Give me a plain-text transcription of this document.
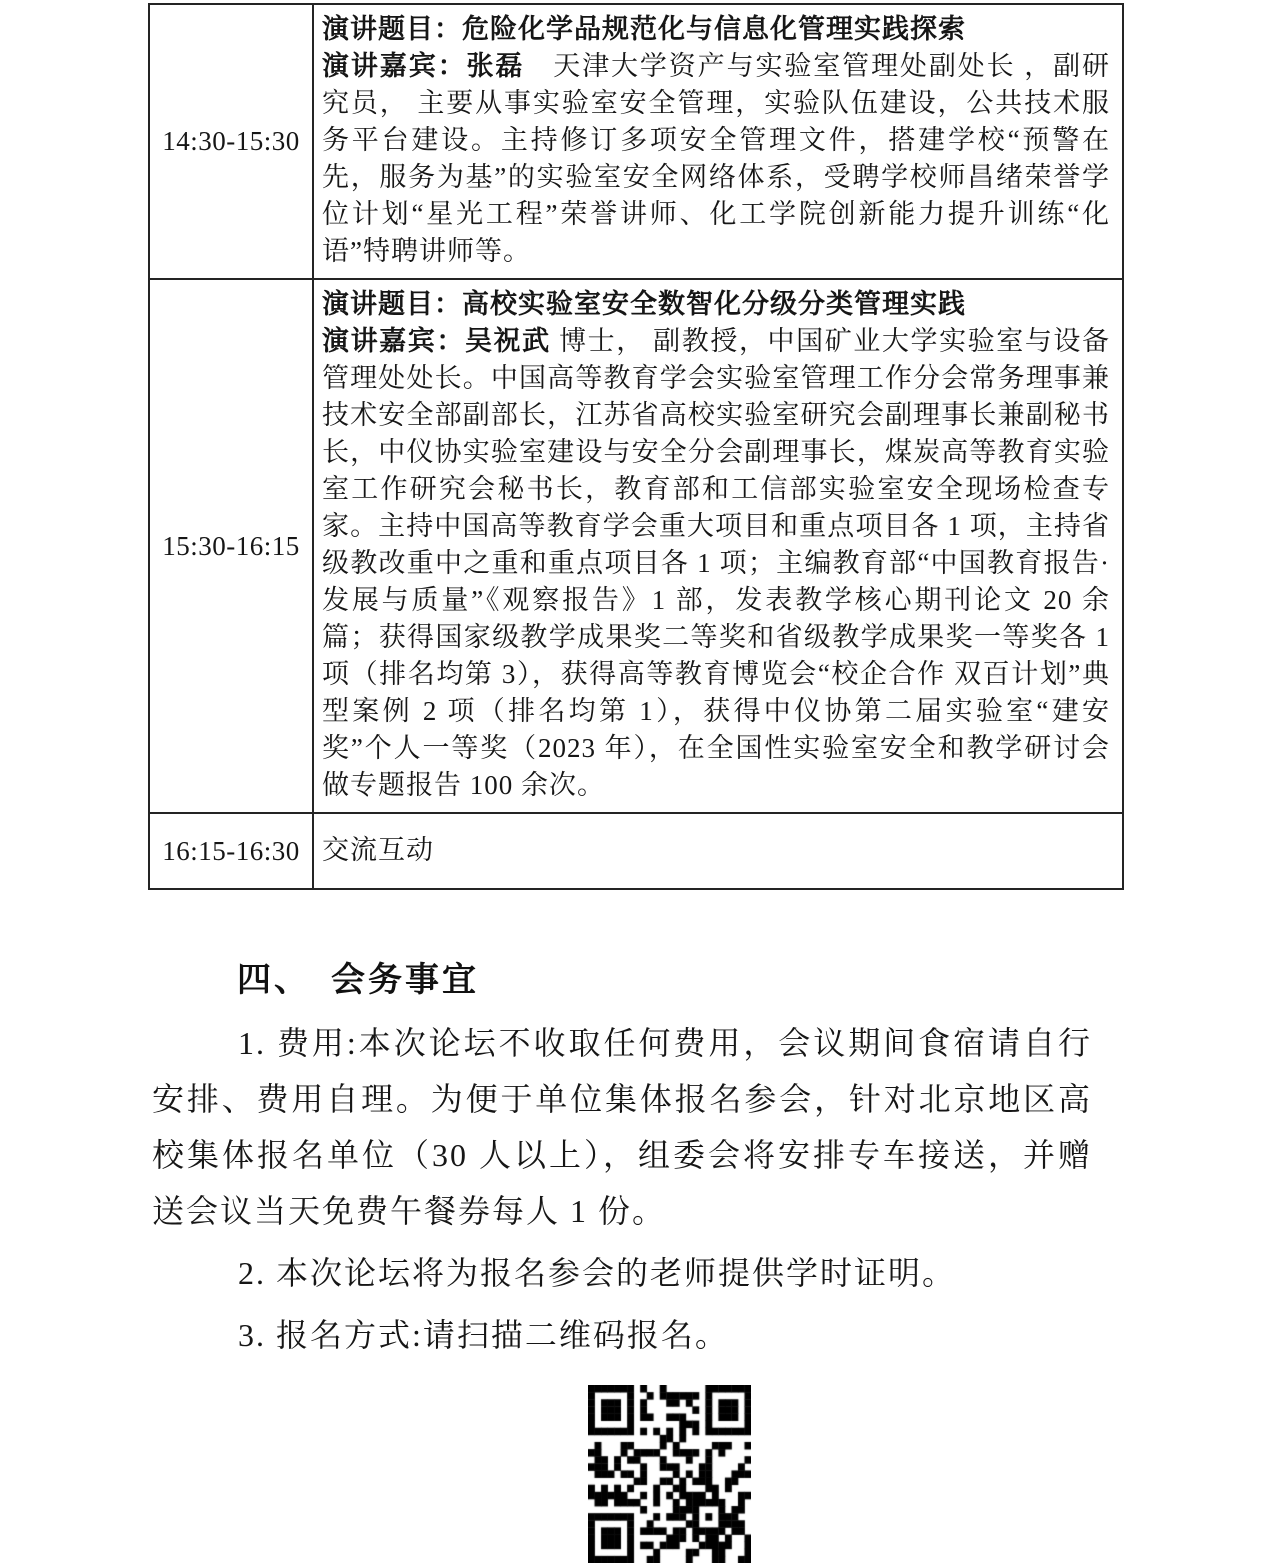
14:30-15:30	演讲题目：危险化学品规范化与信息化管理实践探索
演讲嘉宾：张磊　天津大学资产与实验室管理处副处长 ，副研究员， 主要从事实验室安全管理，实验队伍建设，公共技术服务平台建设。主持修订多项安全管理文件，搭建学校“预警在先，服务为基”的实验室安全网络体系，受聘学校师昌绪荣誉学位计划“星光工程”荣誉讲师、化工学院创新能力提升训练“化语”特聘讲师等。

15:30-16:15	演讲题目：高校实验室安全数智化分级分类管理实践
演讲嘉宾：吴祝武 博士， 副教授，中国矿业大学实验室与设备管理处处长。中国高等教育学会实验室管理工作分会常务理事兼技术安全部副部长，江苏省高校实验室研究会副理事长兼副秘书长，中仪协实验室建设与安全分会副理事长，煤炭高等教育实验室工作研究会秘书长，教育部和工信部实验室安全现场检查专家。主持中国高等教育学会重大项目和重点项目各 1 项，主持省级教改重中之重和重点项目各 1 项；主编教育部“中国教育报告·发展与质量”《观察报告》1 部，发表教学核心期刊论文 20 余篇；获得国家级教学成果奖二等奖和省级教学成果奖一等奖各 1 项（排名均第 3），获得高等教育博览会“校企合作 双百计划”典型案例 2 项（排名均第 1），获得中仪协第二届实验室“建安奖”个人一等奖（2023 年），在全国性实验室安全和教学研讨会做专题报告 100 余次。

16:15-16:30	交流互动
四、　会务事宜

1. 费用:本次论坛不收取任何费用，会议期间食宿请自行安排、费用自理。为便于单位集体报名参会，针对北京地区高校集体报名单位（30 人以上），组委会将安排专车接送，并赠送会议当天免费午餐券每人 1 份。

2. 本次论坛将为报名参会的老师提供学时证明。

3. 报名方式:请扫描二维码报名。
